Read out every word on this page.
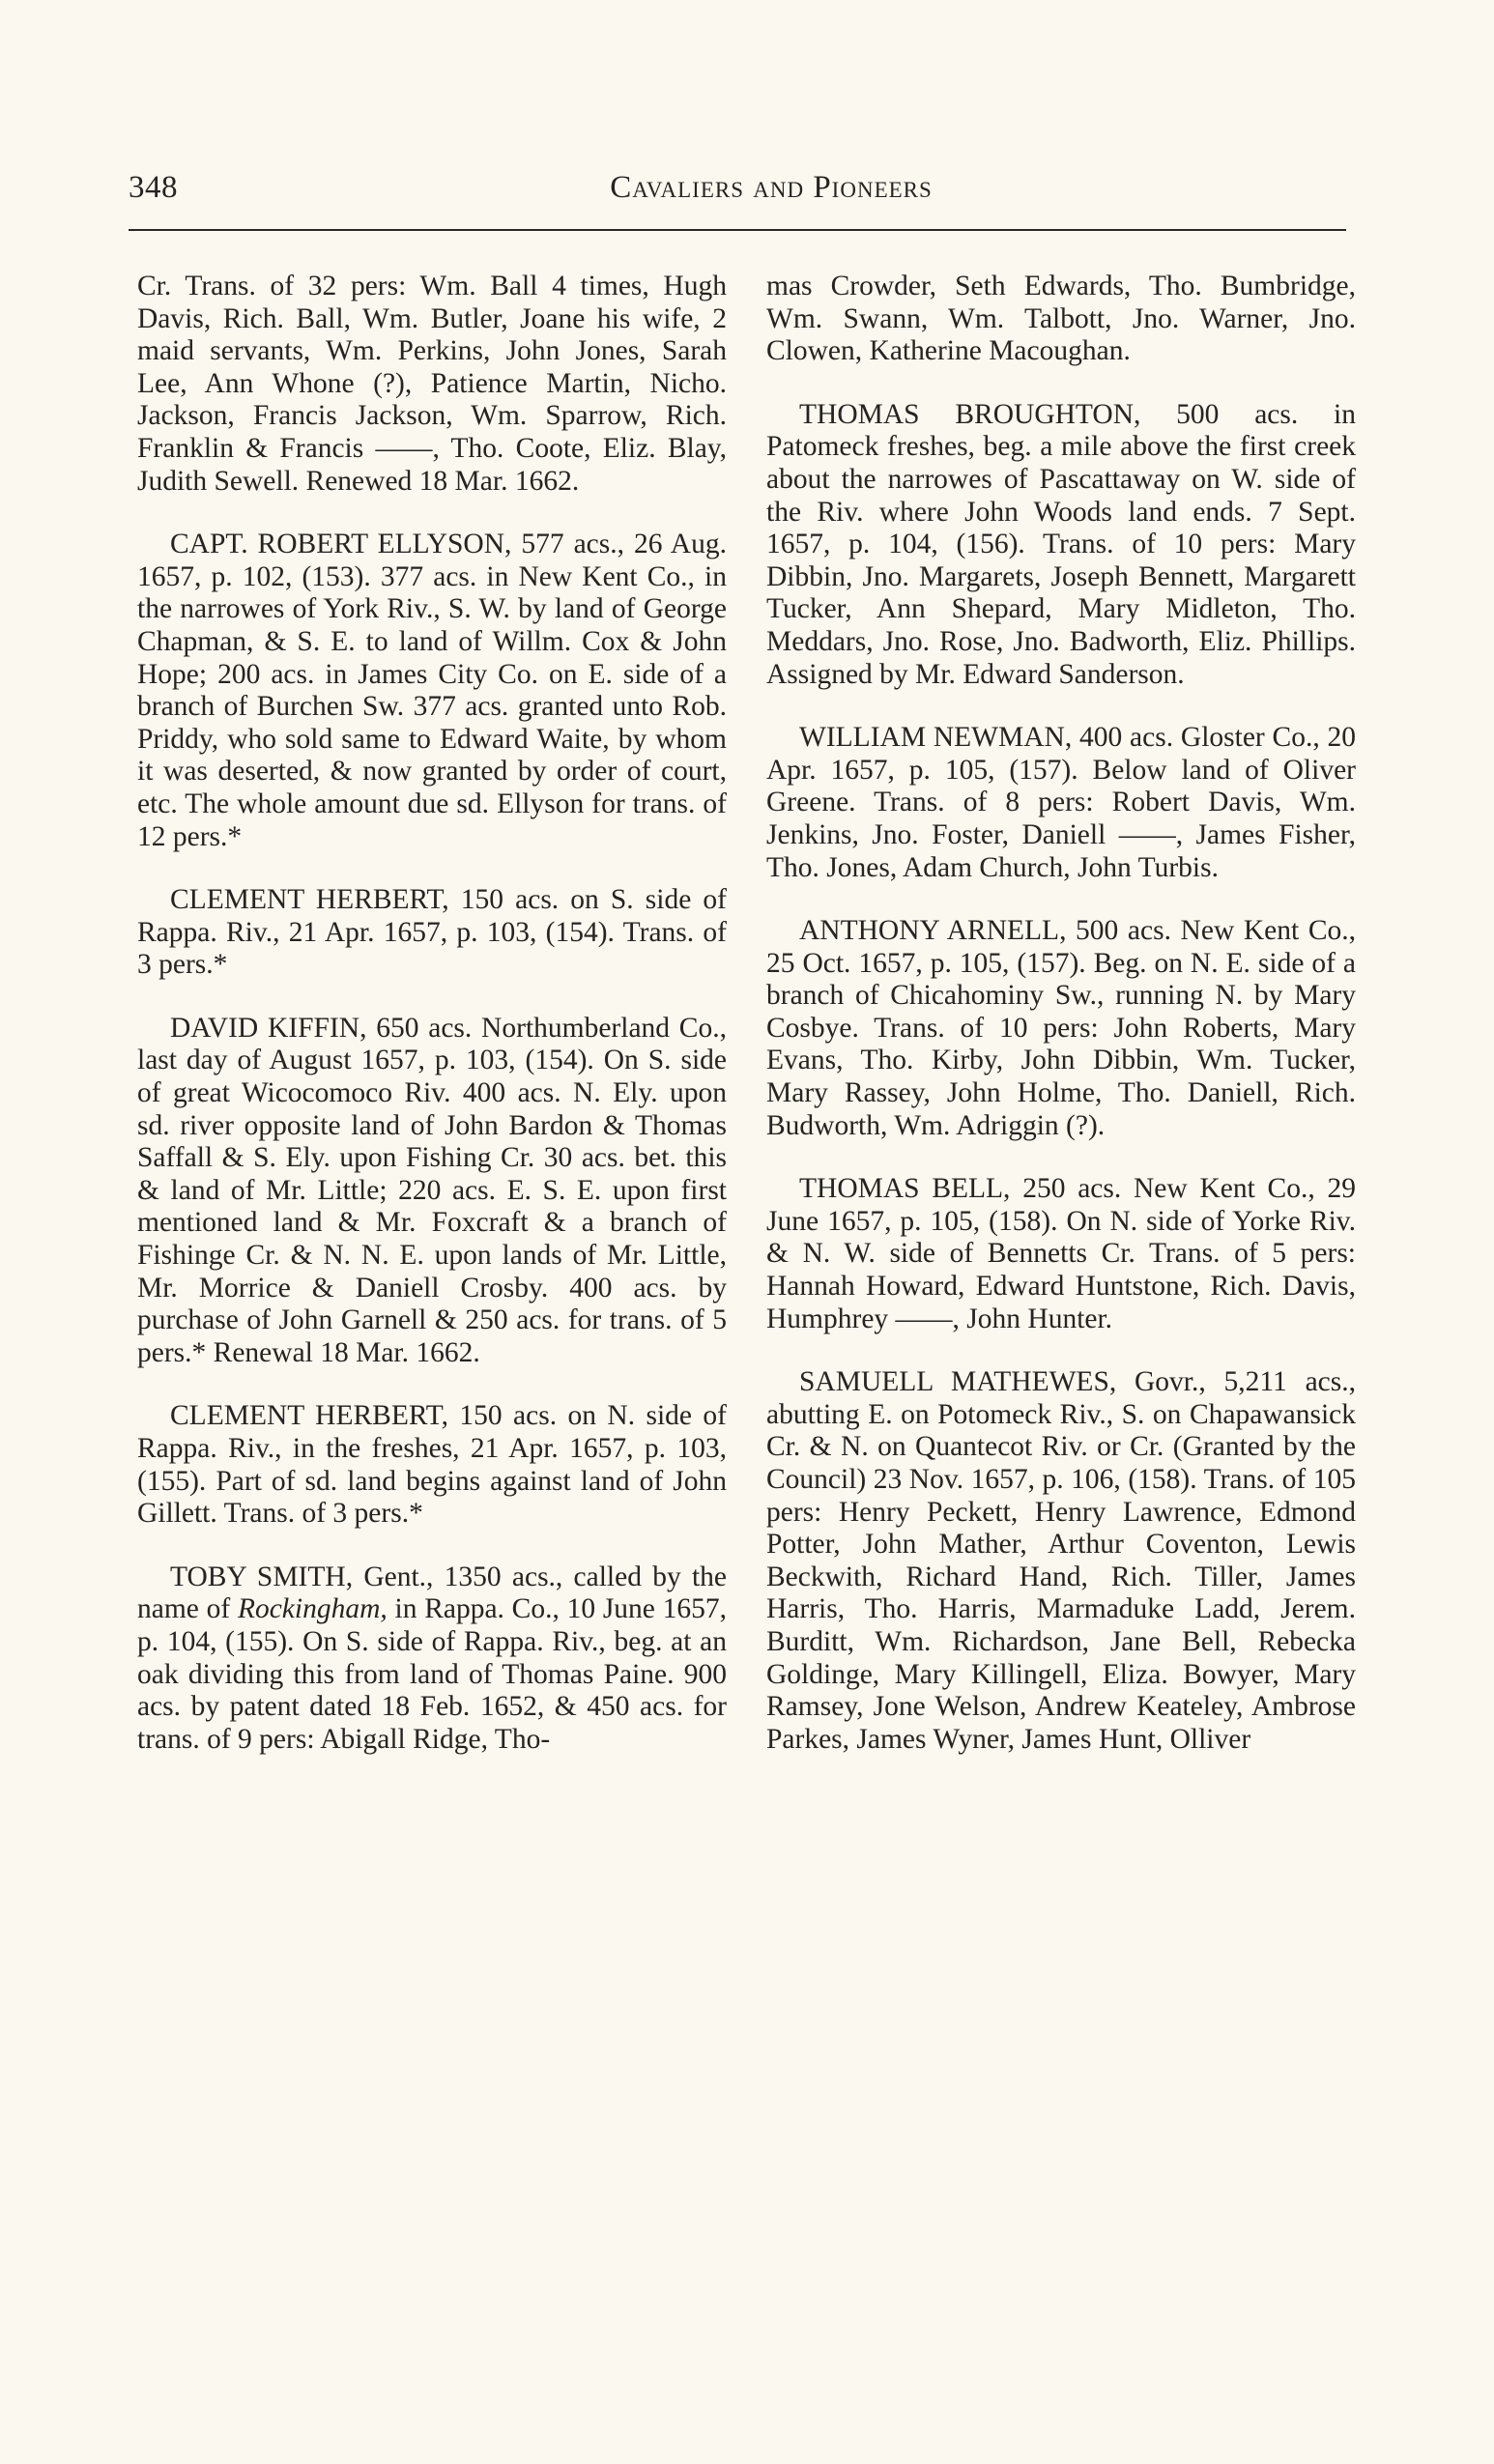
348	Cavaliers and Pioneers

Cr. Trans. of 32 pers: Wm. Ball 4 times, Hugh Davis, Rich. Ball, Wm. Butler, Joane his wife, 2 maid servants, Wm. Perkins, John Jones, Sarah Lee, Ann Whone (?), Patience Martin, Nicho. Jackson, Francis Jackson, Wm. Sparrow, Rich. Franklin & Francis ——, Tho. Coote, Eliz. Blay, Judith Sewell. Renewed 18 Mar. 1662.

CAPT. ROBERT ELLYSON, 577 acs., 26 Aug. 1657, p. 102, (153). 377 acs. in New Kent Co., in the narrowes of York Riv., S. W. by land of George Chapman, & S. E. to land of Willm. Cox & John Hope; 200 acs. in James City Co. on E. side of a branch of Burchen Sw. 377 acs. granted unto Rob. Priddy, who sold same to Edward Waite, by whom it was deserted, & now granted by order of court, etc. The whole amount due sd. Ellyson for trans. of 12 pers.*

CLEMENT HERBERT, 150 acs. on S. side of Rappa. Riv., 21 Apr. 1657, p. 103, (154). Trans. of 3 pers.*

DAVID KIFFIN, 650 acs. Northumberland Co., last day of August 1657, p. 103, (154). On S. side of great Wicocomoco Riv. 400 acs. N. Ely. upon sd. river opposite land of John Bardon & Thomas Saffall & S. Ely. upon Fishing Cr. 30 acs. bet. this & land of Mr. Little; 220 acs. E. S. E. upon first mentioned land & Mr. Foxcraft & a branch of Fishinge Cr. & N. N. E. upon lands of Mr. Little, Mr. Morrice & Daniell Crosby. 400 acs. by purchase of John Garnell & 250 acs. for trans. of 5 pers.* Renewal 18 Mar. 1662.

CLEMENT HERBERT, 150 acs. on N. side of Rappa. Riv., in the freshes, 21 Apr. 1657, p. 103, (155). Part of sd. land begins against land of John Gillett. Trans. of 3 pers.*

TOBY SMITH, Gent., 1350 acs., called by the name of Rockingham, in Rappa. Co., 10 June 1657, p. 104, (155). On S. side of Rappa. Riv., beg. at an oak dividing this from land of Thomas Paine. 900 acs. by patent dated 18 Feb. 1652, & 450 acs. for trans. of 9 pers: Abigall Ridge, Tho-

mas Crowder, Seth Edwards, Tho. Bumbridge, Wm. Swann, Wm. Talbott, Jno. Warner, Jno. Clowen, Katherine Macoughan.

THOMAS BROUGHTON, 500 acs. in Patomeck freshes, beg. a mile above the first creek about the narrowes of Pascattaway on W. side of the Riv. where John Woods land ends. 7 Sept. 1657, p. 104, (156). Trans. of 10 pers: Mary Dibbin, Jno. Margarets, Joseph Bennett, Margarett Tucker, Ann Shepard, Mary Midleton, Tho. Meddars, Jno. Rose, Jno. Badworth, Eliz. Phillips. Assigned by Mr. Edward Sanderson.

WILLIAM NEWMAN, 400 acs. Gloster Co., 20 Apr. 1657, p. 105, (157). Below land of Oliver Greene. Trans. of 8 pers: Robert Davis, Wm. Jenkins, Jno. Foster, Daniell ——, James Fisher, Tho. Jones, Adam Church, John Turbis.

ANTHONY ARNELL, 500 acs. New Kent Co., 25 Oct. 1657, p. 105, (157). Beg. on N. E. side of a branch of Chicahominy Sw., running N. by Mary Cosbye. Trans. of 10 pers: John Roberts, Mary Evans, Tho. Kirby, John Dibbin, Wm. Tucker, Mary Rassey, John Holme, Tho. Daniell, Rich. Budworth, Wm. Adriggin (?).

THOMAS BELL, 250 acs. New Kent Co., 29 June 1657, p. 105, (158). On N. side of Yorke Riv. & N. W. side of Bennetts Cr. Trans. of 5 pers: Hannah Howard, Edward Huntstone, Rich. Davis, Humphrey ——, John Hunter.

SAMUELL MATHEWES, Govr., 5,211 acs., abutting E. on Potomeck Riv., S. on Chapawansick Cr. & N. on Quantecot Riv. or Cr. (Granted by the Council) 23 Nov. 1657, p. 106, (158). Trans. of 105 pers: Henry Peckett, Henry Lawrence, Edmond Potter, John Mather, Arthur Coventon, Lewis Beckwith, Richard Hand, Rich. Tiller, James Harris, Tho. Harris, Marmaduke Ladd, Jerem. Burditt, Wm. Richardson, Jane Bell, Rebecka Goldinge, Mary Killingell, Eliza. Bowyer, Mary Ramsey, Jone Welson, Andrew Keateley, Ambrose Parkes, James Wyner, James Hunt, Olliver
